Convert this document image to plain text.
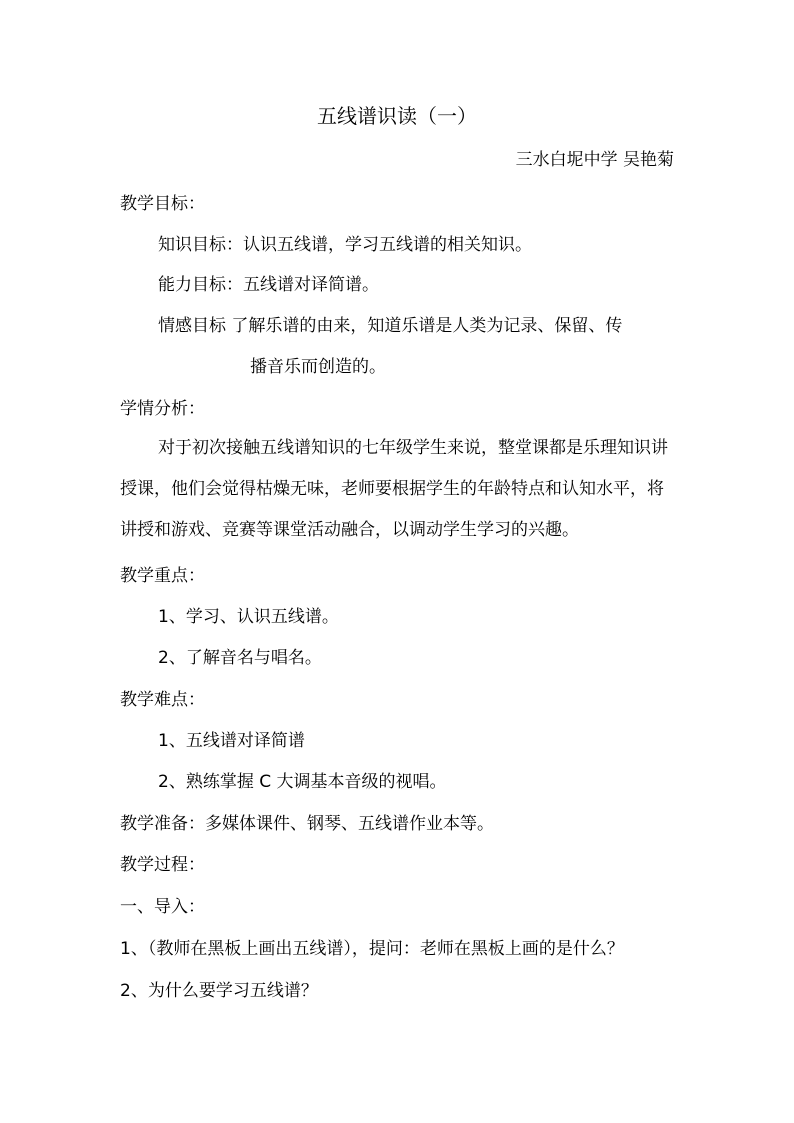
五线谱识读（一）

三水白坭中学 吴艳菊

教学目标：

知识目标：认识五线谱，学习五线谱的相关知识。

能力目标：五线谱对译简谱。

情感目标 了解乐谱的由来，知道乐谱是人类为记录、保留、传

播音乐而创造的。

学情分析：

对于初次接触五线谱知识的七年级学生来说，整堂课都是乐理知识讲授课，他们会觉得枯燥无味，老师要根据学生的年龄特点和认知水平，将讲授和游戏、竞赛等课堂活动融合，以调动学生学习的兴趣。

教学重点：

1、学习、认识五线谱。

2、了解音名与唱名。

教学难点：

1、五线谱对译简谱

2、熟练掌握 C 大调基本音级的视唱。

教学准备：多媒体课件、钢琴、五线谱作业本等。

教学过程：

一、导入：

1、（教师在黑板上画出五线谱），提问：老师在黑板上画的是什么？

2、为什么要学习五线谱？
